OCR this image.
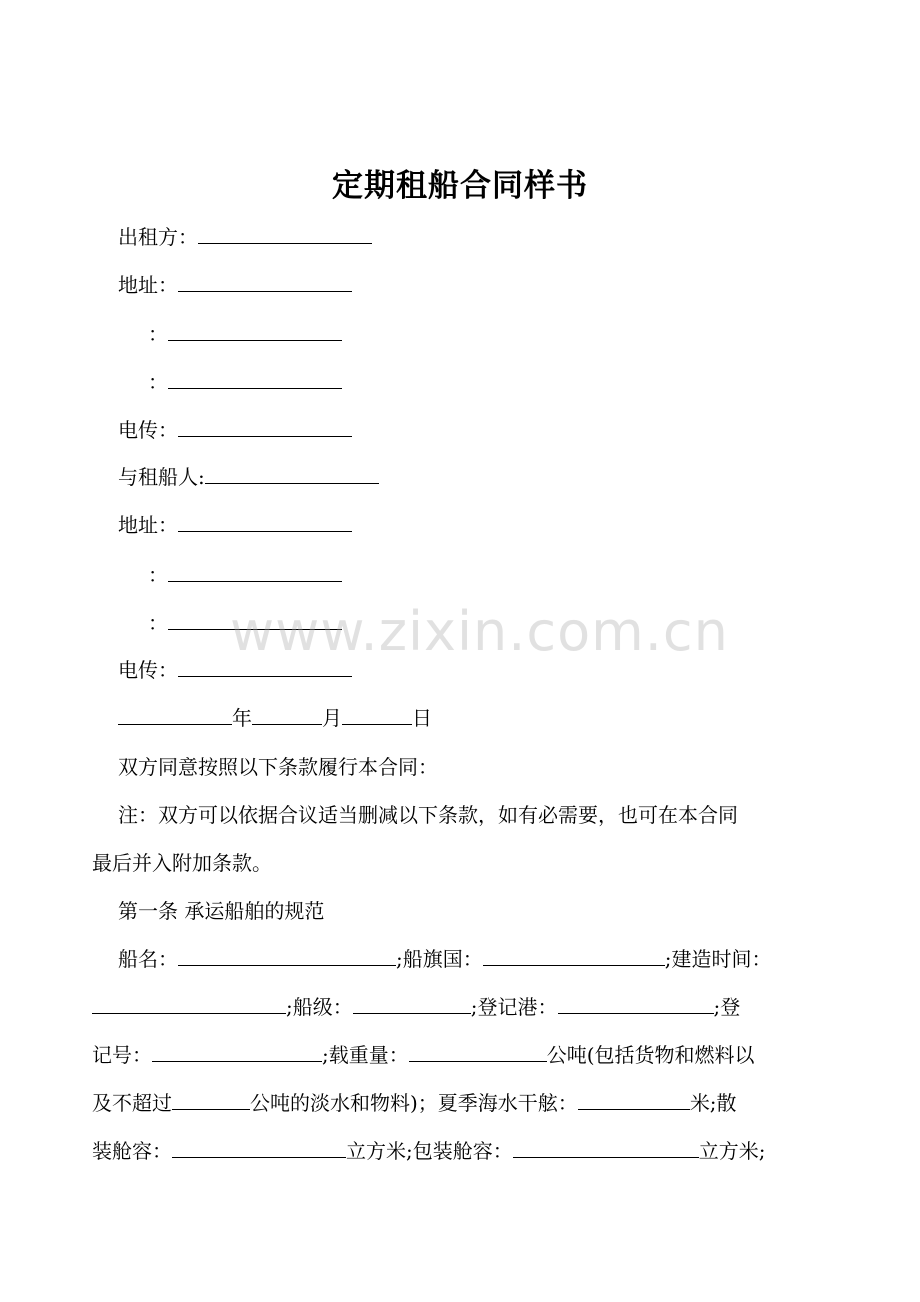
定期租船合同样书
出租方：
地址：
：
：
电传：
与租船人:
地址：
：
：
电传：
年	月	日
双方同意按照以下条款履行本合同：
注：双方可以依据合议适当删减以下条款，如有必需要，也可在本合同
最后并入附加条款。
第一条 承运船舶的规范
船名：	;船旗国：	;建造时间：
;船级：	;登记港：	;登
记号：	;载重量：	公吨(包括货物和燃料以
及不超过	公吨的淡水和物料)；夏季海水干舷：	米;散
装舱容：	立方米;包装舱容：	立方米;
www.zixin.com.cn
